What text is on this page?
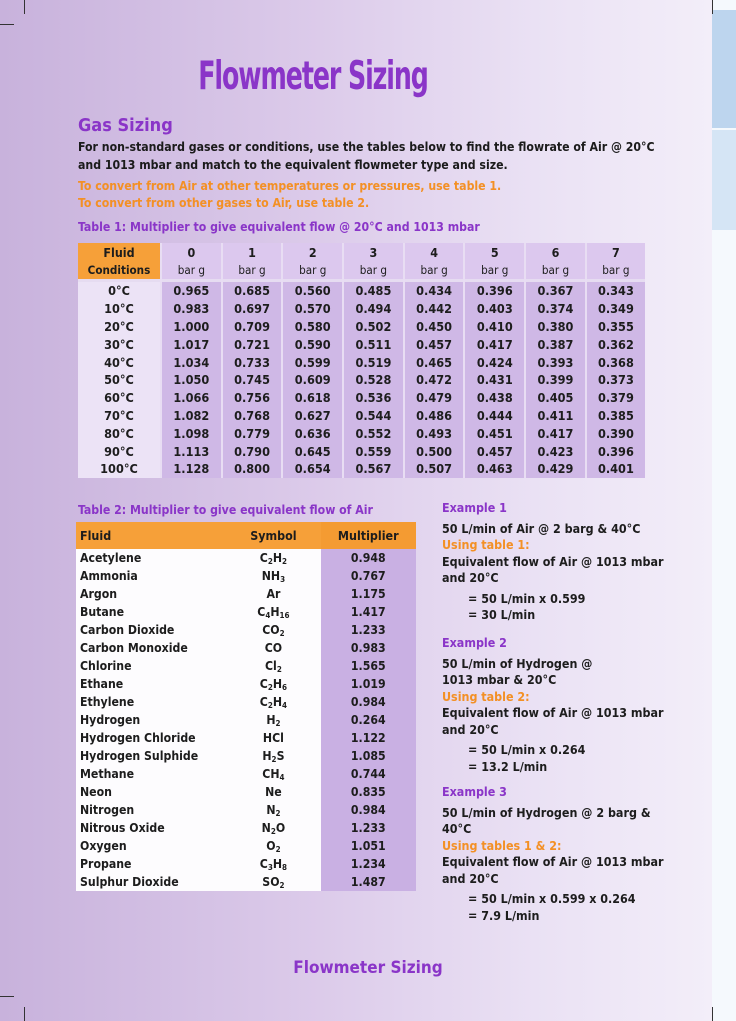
Flowmeter Sizing
Gas Sizing
For non-standard gases or conditions, use the tables below to find the flowrate of Air @ 20°C and 1013 mbar and match to the equivalent flowmeter type and size.
To convert from Air at other temperatures or pressures, use table 1.
To convert from other gases to Air, use table 2.
Table 1: Multiplier to give equivalent flow @ 20°C and 1013 mbar
Fluid	0	1	2	3	4	5	6	7
Conditions	bar g	bar g	bar g	bar g	bar g	bar g	bar g	bar g

0°C	0.965	0.685	0.560	0.485	0.434	0.396	0.367	0.343
10°C	0.983	0.697	0.570	0.494	0.442	0.403	0.374	0.349
20°C	1.000	0.709	0.580	0.502	0.450	0.410	0.380	0.355
30°C	1.017	0.721	0.590	0.511	0.457	0.417	0.387	0.362
40°C	1.034	0.733	0.599	0.519	0.465	0.424	0.393	0.368
50°C	1.050	0.745	0.609	0.528	0.472	0.431	0.399	0.373
60°C	1.066	0.756	0.618	0.536	0.479	0.438	0.405	0.379
70°C	1.082	0.768	0.627	0.544	0.486	0.444	0.411	0.385
80°C	1.098	0.779	0.636	0.552	0.493	0.451	0.417	0.390
90°C	1.113	0.790	0.645	0.559	0.500	0.457	0.423	0.396
100°C	1.128	0.800	0.654	0.567	0.507	0.463	0.429	0.401
Table 2: Multiplier to give equivalent flow of Air
Fluid	Symbol	Multiplier
Acetylene	$C_2H_2$	0.948
Ammonia	$NH_3$	0.767
Argon	Ar	1.175
Butane	$C_4H_{16}$	1.417
Carbon Dioxide	$CO_2$	1.233
Carbon Monoxide	CO	0.983
Chlorine	$Cl_2$	1.565
Ethane	$C_2H_6$	1.019
Ethylene	$C_2H_4$	0.984
Hydrogen	$H_2$	0.264
Hydrogen Chloride	HCl	1.122
Hydrogen Sulphide	$H_2S$	1.085
Methane	$CH_4$	0.744
Neon	Ne	0.835
Nitrogen	$N_2$	0.984
Nitrous Oxide	$N_2O$	1.233
Oxygen	$O_2$	1.051
Propane	$C_3H_8$	1.234
Sulphur Dioxide	$SO_2$	1.487
Example 1
50 L/min of Air @ 2 barg & 40°C
Using table 1:
Equivalent flow of Air @ 1013 mbar
and 20°C
= 50 L/min x 0.599
= 30 L/min
Example 2
50 L/min of Hydrogen @
1013 mbar & 20°C
Using table 2:
Equivalent flow of Air @ 1013 mbar
and 20°C
= 50 L/min x 0.264
= 13.2 L/min
Example 3
50 L/min of Hydrogen @ 2 barg &
40°C
Using tables 1 & 2:
Equivalent flow of Air @ 1013 mbar
and 20°C
= 50 L/min x 0.599 x 0.264
= 7.9 L/min
Flowmeter Sizing
